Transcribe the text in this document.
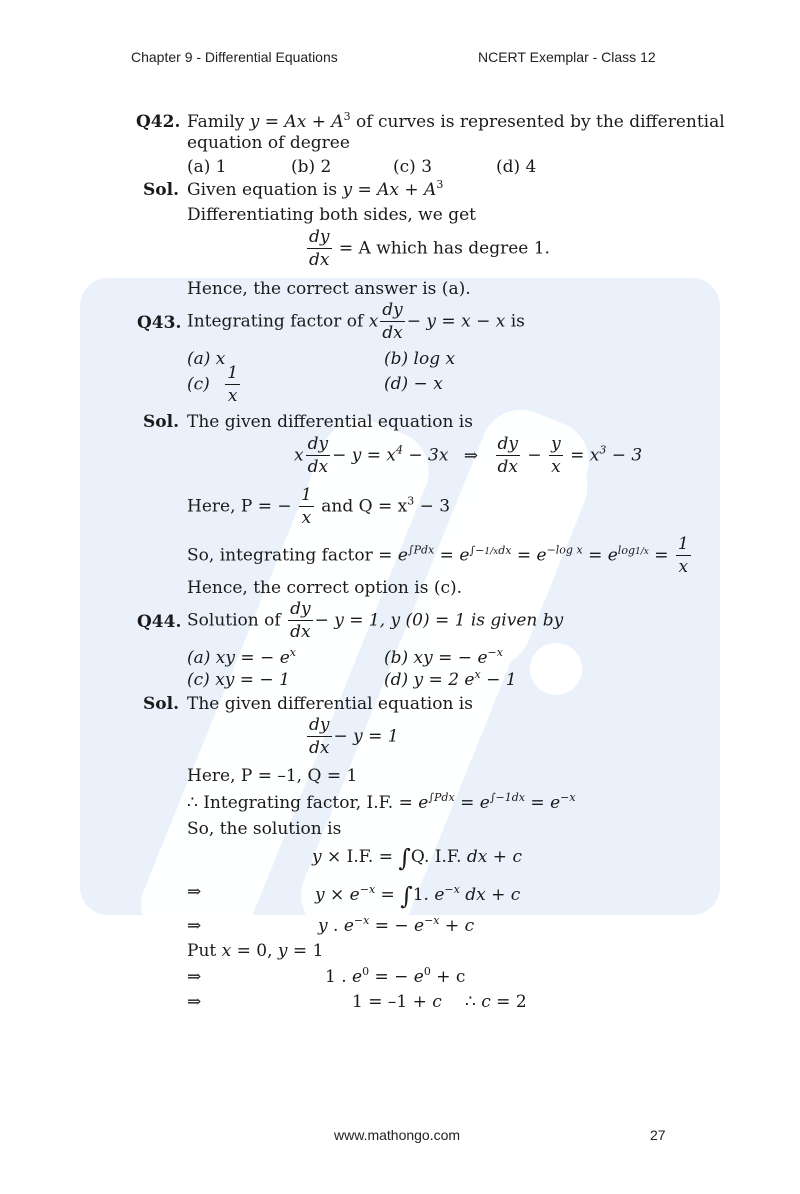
Chapter 9 - Differential Equations	NCERT Exemplar - Class 12
Q42. Family $y = Ax + A^3$ of curves is represented by the differential
equation of degree
(a) 1	(b) 2	(c) 3	(d) 4
Sol. Given equation is $y = Ax + A^3$
Differentiating both sides, we get
$\frac{dy}{dx} = A$ which has degree 1.
Hence, the correct answer is (a).
Q43. Integrating factor of x $\frac{dy}{dx} - y = x - x$ is
(a) x	(b) log x
$(c) \frac{1}{x}$	(d) − x
Sol. The given differential equation is
x $\frac{dy}{dx} - y = x^4 - 3x$ ⇒ $\frac{dy}{dx} - \frac{y}{x} = x^3 - 3$
Here, P = − $\frac{1}{x}$ and $Q = x^3 - 3$
So, integrating factor = $e^{\int Pdx} = e^{\int-1/xdx} = e^{-log x} = e^{log1/x} = \frac{1}{x}$
Hence, the correct option is (c).
Q44. Solution of $\frac{dy}{dx} - y = 1$, y (0) = 1 is given by
(a) xy = − $e^x$	(b) xy = − $e^{-x}$
(c) xy = − 1	(d) y = 2 $e^x - 1$
Sol. The given differential equation is
$\frac{dy}{dx} - y = 1$
Here, P = –1, Q = 1
∴ Integrating factor, I.F. = $e^{\int Pdx} = e^{\int-1dx} = e^{-x}$
So, the solution is
y × I.F. = ∫Q. I.F. dx + c
⇒	$y \times e^{-x} = \int 1$. $e^{-x}$ dx + c
⇒	y . $e^{-x}$ = − $e^{-x} + c$
Put x = 0, y = 1
⇒	1 . $e^0$ = − $e^0 + c$
⇒	1 = –1 + c ∴ c = 2
www.mathongo.com	27
